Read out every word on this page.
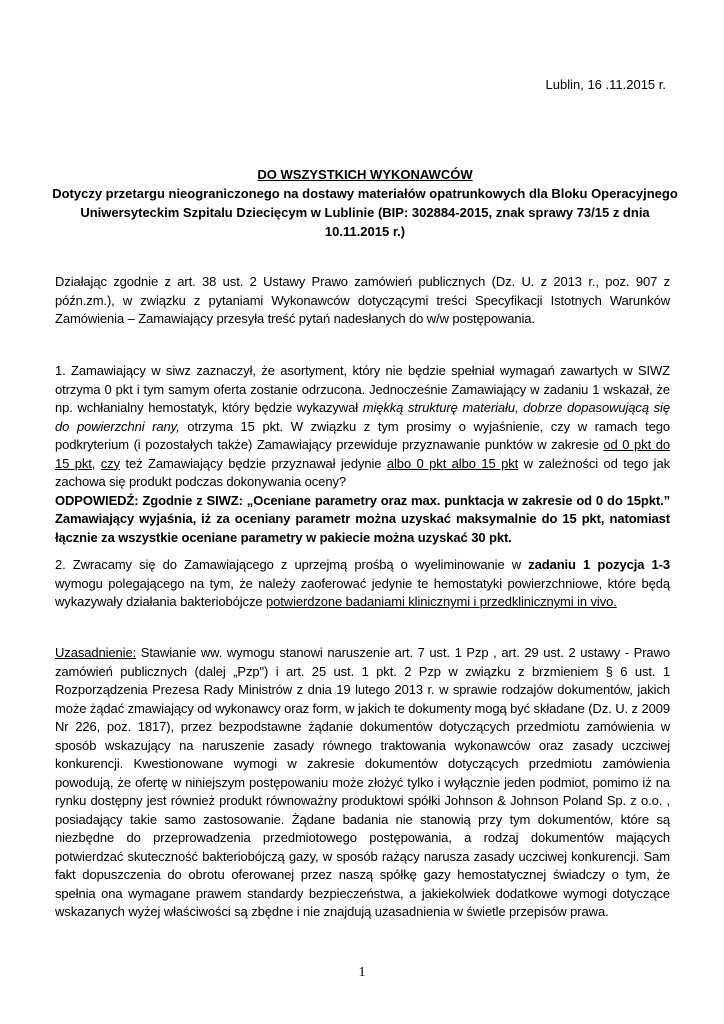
Lublin, 16 .11.2015 r.
DO WSZYSTKICH WYKONAWCÓW
Dotyczy przetargu nieograniczonego na dostawy materiałów opatrunkowych dla Bloku Operacyjnego Uniwersyteckim Szpitalu Dziecięcym w Lublinie (BIP: 302884-2015, znak sprawy 73/15 z dnia 10.11.2015 r.)
Działając zgodnie z art. 38 ust. 2 Ustawy Prawo zamówień publicznych (Dz. U. z 2013 r., poz. 907 z późn.zm.), w związku z pytaniami Wykonawców dotyczącymi treści Specyfikacji Istotnych Warunków Zamówienia – Zamawiający przesyła treść pytań nadesłanych do w/w postępowania.
1. Zamawiający w siwz zaznaczył, że asortyment, który nie będzie spełniał wymagań zawartych w SIWZ otrzyma 0 pkt i tym samym oferta zostanie odrzucona. Jednocześnie Zamawiający w zadaniu 1 wskazał, że np. wchłanialny hemostatyk, który będzie wykazywał miękką strukturę materiału, dobrze dopasowującą się do powierzchni rany, otrzyma 15 pkt. W związku z tym prosimy o wyjaśnienie, czy w ramach tego podkryterium (i pozostałych także) Zamawiający przewiduje przyznawanie punktów w zakresie od 0 pkt do 15 pkt, czy też Zamawiający będzie przyznawał jedynie albo 0 pkt albo 15 pkt w zależności od tego jak zachowa się produkt podczas dokonywania oceny?
ODPOWIEDŹ: Zgodnie z SIWZ: „Oceniane parametry oraz max. punktacja w zakresie od 0 do 15pkt.” Zamawiający wyjaśnia, iż za oceniany parametr można uzyskać maksymalnie do 15 pkt, natomiast łącznie za wszystkie oceniane parametry w pakiecie można uzyskać 30 pkt.
2. Zwracamy się do Zamawiającego z uprzejmą prośbą o wyeliminowanie w zadaniu 1 pozycja 1-3 wymogu polegającego na tym, że należy zaoferować jedynie te hemostatyki powierzchniowe, które będą wykazywały działania bakteriobójcze potwierdzone badaniami klinicznymi i przedklinicznymi in vivo.
Uzasadnienie: Stawianie ww. wymogu stanowi naruszenie art. 7 ust. 1 Pzp , art. 29 ust. 2 ustawy - Prawo zamówień publicznych (dalej „Pzp") i art. 25 ust. 1 pkt. 2 Pzp w związku z brzmieniem § 6 ust. 1 Rozporządzenia Prezesa Rady Ministrów z dnia 19 lutego 2013 r. w sprawie rodzajów dokumentów, jakich może żądać zmawiający od wykonawcy oraz form, w jakich te dokumenty mogą być składane (Dz. U. z 2009 Nr 226, poz. 1817), przez bezpodstawne żądanie dokumentów dotyczących przedmiotu zamówienia w sposób wskazujący na naruszenie zasady równego traktowania wykonawców oraz zasady uczciwej konkurencji. Kwestionowane wymogi w zakresie dokumentów dotyczących przedmiotu zamówienia powodują, że ofertę w niniejszym postępowaniu może złożyć tylko i wyłącznie jeden podmiot, pomimo iż na rynku dostępny jest również produkt równoważny produktowi spółki Johnson & Johnson Poland Sp. z o.o. , posiadający takie samo zastosowanie. Żądane badania nie stanowią przy tym dokumentów, które są niezbędne do przeprowadzenia przedmiotowego postępowania, a rodzaj dokumentów mających potwierdzać skuteczność bakteriobójczą gazy, w sposób rażący narusza zasady uczciwej konkurencji. Sam fakt dopuszczenia do obrotu oferowanej przez naszą spółkę gazy hemostatycznej świadczy o tym, że spełnia ona wymagane prawem standardy bezpieczeństwa, a jakiekolwiek dodatkowe wymogi dotyczące wskazanych wyżej właściwości są zbędne i nie znajdują uzasadnienia w świetle przepisów prawa.
1
